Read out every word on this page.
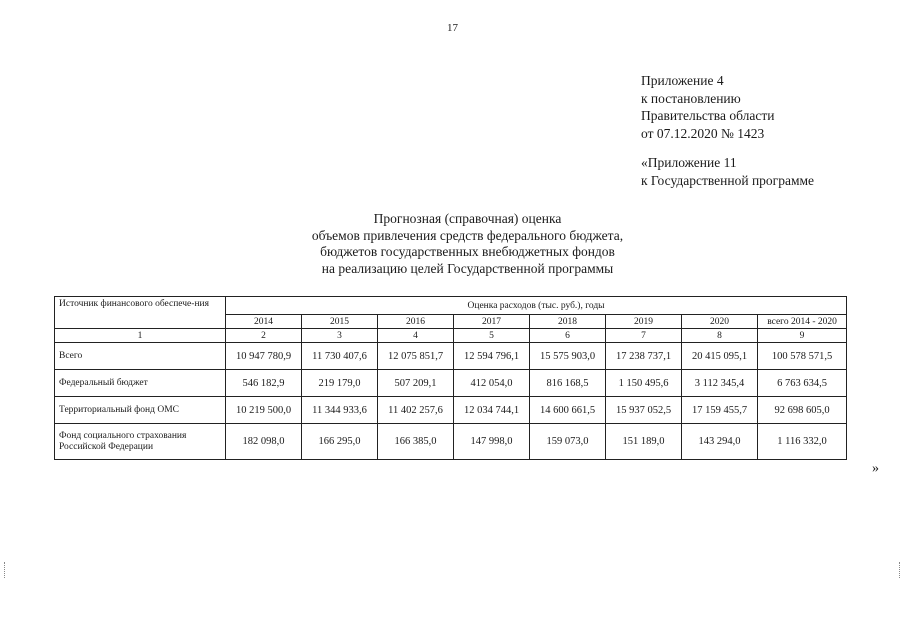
17
Приложение 4
к постановлению
Правительства области
от 07.12.2020 № 1423
«Приложение 11
к Государственной программе
Прогнозная (справочная) оценка
объемов привлечения средств федерального бюджета,
бюджетов государственных внебюджетных фондов
на реализацию целей Государственной программы
Источник финансового обеспече-ния	Оценка расходов (тыс. руб.), годы							
	2014	2015	2016	2017	2018	2019	2020	всего 2014 - 2020
1	2	3	4	5	6	7	8	9
Всего	10 947 780,9	11 730 407,6	12 075 851,7	12 594 796,1	15 575 903,0	17 238 737,1	20 415 095,1	100 578 571,5
Федеральный бюджет	546 182,9	219 179,0	507 209,1	412 054,0	816 168,5	1 150 495,6	3 112 345,4	6 763 634,5
Территориальный фонд ОМС	10 219 500,0	11 344 933,6	11 402 257,6	12 034 744,1	14 600 661,5	15 937 052,5	17 159 455,7	92 698 605,0
Фонд социального страхования Российской Федерации	182 098,0	166 295,0	166 385,0	147 998,0	159 073,0	151 189,0	143 294,0	1 116 332,0
»
